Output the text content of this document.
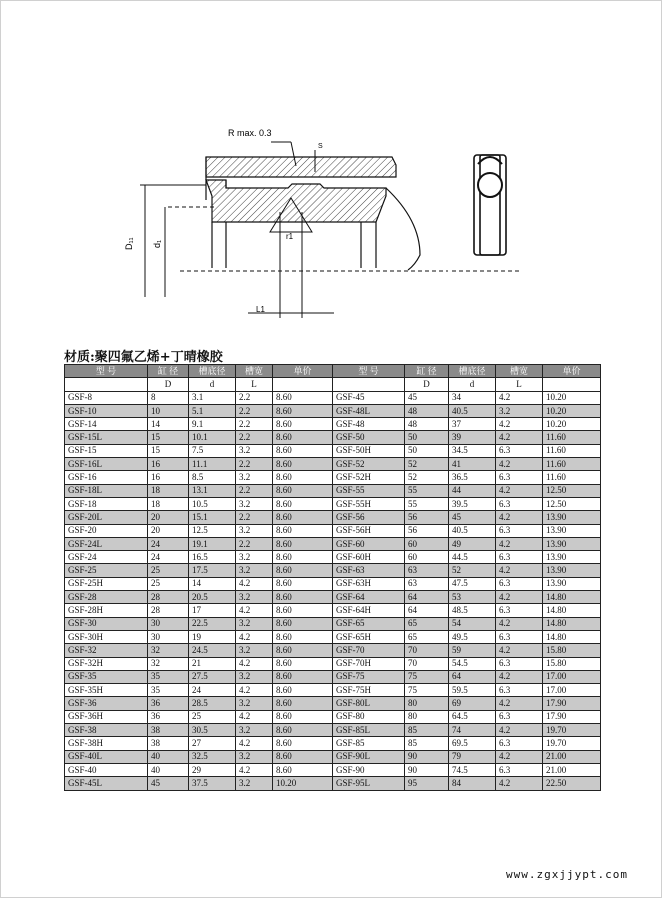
R max. 0.3
S
D₁₁ d₁
r1
L1
材质:聚四氟乙烯+丁晴橡胶
型 号	缸 径	槽底径	槽宽	单价	型 号	缸 径	槽底径	槽宽	单价
	D	d	L			D	d	L	
GSF-8	8	3.1	2.2	8.60	GSF-45	45	34	4.2	10.20
GSF-10	10	5.1	2.2	8.60	GSF-48L	48	40.5	3.2	10.20
GSF-14	14	9.1	2.2	8.60	GSF-48	48	37	4.2	10.20
GSF-15L	15	10.1	2.2	8.60	GSF-50	50	39	4.2	11.60
GSF-15	15	7.5	3.2	8.60	GSF-50H	50	34.5	6.3	11.60
GSF-16L	16	11.1	2.2	8.60	GSF-52	52	41	4.2	11.60
GSF-16	16	8.5	3.2	8.60	GSF-52H	52	36.5	6.3	11.60
GSF-18L	18	13.1	2.2	8.60	GSF-55	55	44	4.2	12.50
GSF-18	18	10.5	3.2	8.60	GSF-55H	55	39.5	6.3	12.50
GSF-20L	20	15.1	2.2	8.60	GSF-56	56	45	4.2	13.90
GSF-20	20	12.5	3.2	8.60	GSF-56H	56	40.5	6.3	13.90
GSF-24L	24	19.1	2.2	8.60	GSF-60	60	49	4.2	13.90
GSF-24	24	16.5	3.2	8.60	GSF-60H	60	44.5	6.3	13.90
GSF-25	25	17.5	3.2	8.60	GSF-63	63	52	4.2	13.90
GSF-25H	25	14	4.2	8.60	GSF-63H	63	47.5	6.3	13.90
GSF-28	28	20.5	3.2	8.60	GSF-64	64	53	4.2	14.80
GSF-28H	28	17	4.2	8.60	GSF-64H	64	48.5	6.3	14.80
GSF-30	30	22.5	3.2	8.60	GSF-65	65	54	4.2	14.80
GSF-30H	30	19	4.2	8.60	GSF-65H	65	49.5	6.3	14.80
GSF-32	32	24.5	3.2	8.60	GSF-70	70	59	4.2	15.80
GSF-32H	32	21	4.2	8.60	GSF-70H	70	54.5	6.3	15.80
GSF-35	35	27.5	3.2	8.60	GSF-75	75	64	4.2	17.00
GSF-35H	35	24	4.2	8.60	GSF-75H	75	59.5	6.3	17.00
GSF-36	36	28.5	3.2	8.60	GSF-80L	80	69	4.2	17.90
GSF-36H	36	25	4.2	8.60	GSF-80	80	64.5	6.3	17.90
GSF-38	38	30.5	3.2	8.60	GSF-85L	85	74	4.2	19.70
GSF-38H	38	27	4.2	8.60	GSF-85	85	69.5	6.3	19.70
GSF-40L	40	32.5	3.2	8.60	GSF-90L	90	79	4.2	21.00
GSF-40	40	29	4.2	8.60	GSF-90	90	74.5	6.3	21.00
GSF-45L	45	37.5	3.2	10.20	GSF-95L	95	84	4.2	22.50
www.zgxjjypt.com
